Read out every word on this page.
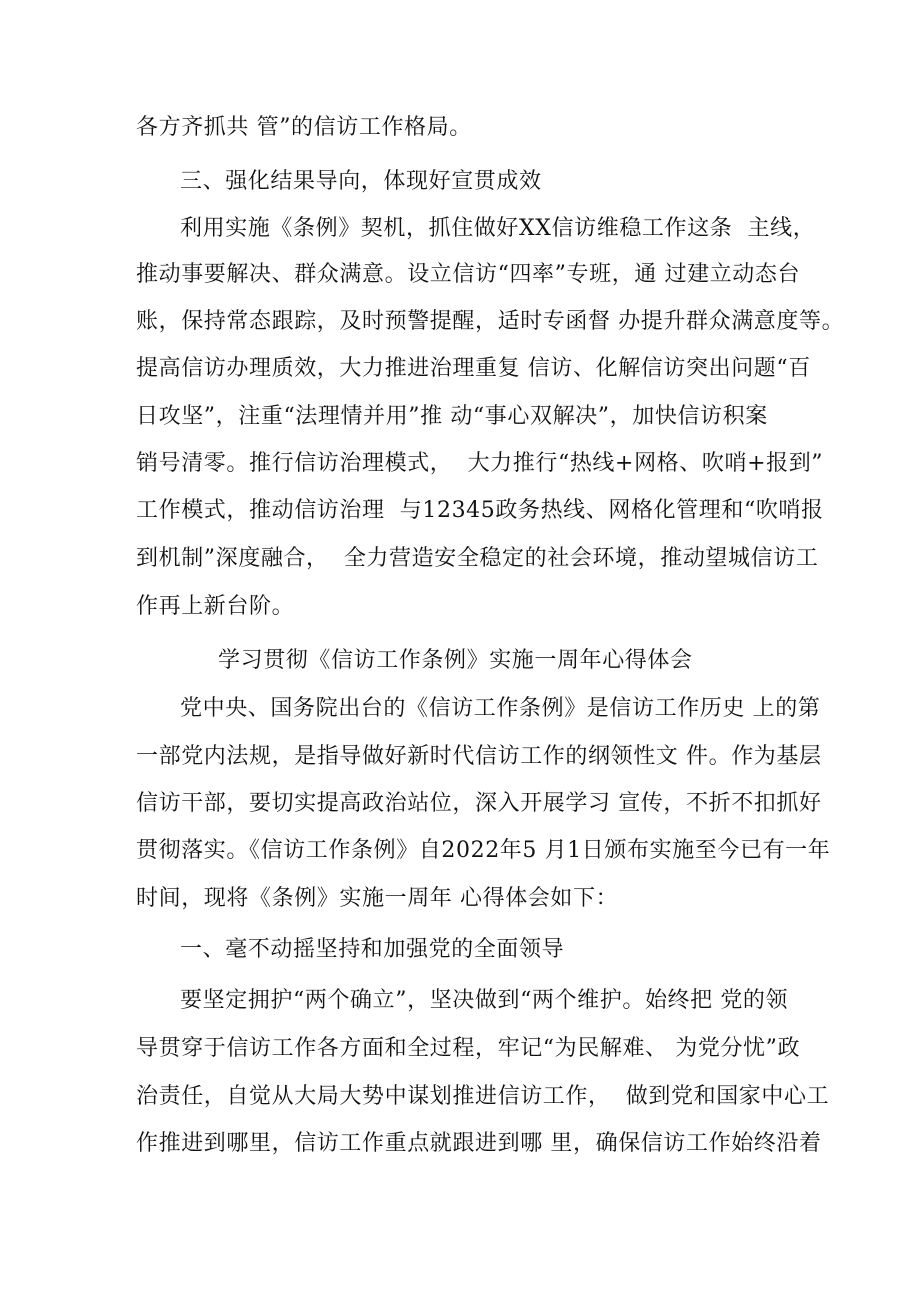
各方齐抓共 管”的信访工作格局。
三、强化结果导向，体现好宣贯成效
利用实施《条例》契机，抓住做好XX信访维稳工作这条  主线，
推动事要解决、群众满意。设立信访“四率”专班，通 过建立动态台
账，保持常态跟踪，及时预警提醒，适时专函督 办提升群众满意度等。
提高信访办理质效，大力推进治理重复 信访、化解信访突出问题“百
日攻坚”，注重“法理情并用”推 动“事心双解决”，加快信访积案
销号清零。推行信访治理模式，  大力推行“热线+网格、吹哨+报到”
工作模式，推动信访治理  与12345政务热线、网格化管理和“吹哨报
到机制”深度融合，  全力营造安全稳定的社会环境，推动望城信访工
作再上新台阶。
学习贯彻《信访工作条例》实施一周年心得体会
党中央、国务院出台的《信访工作条例》是信访工作历史 上的第
一部党内法规，是指导做好新时代信访工作的纲领性文 件。作为基层
信访干部，要切实提高政治站位，深入开展学习 宣传，不折不扣抓好
贯彻落实。《信访工作条例》自2022年5 月1日颁布实施至今已有一年
时间，现将《条例》实施一周年 心得体会如下：
一、毫不动摇坚持和加强党的全面领导
要坚定拥护“两个确立”，坚决做到“两个维护。始终把 党的领
导贯穿于信访工作各方面和全过程，牢记“为民解难、 为党分忧”政
治责任，自觉从大局大势中谋划推进信访工作，  做到党和国家中心工
作推进到哪里，信访工作重点就跟进到哪 里，确保信访工作始终沿着
